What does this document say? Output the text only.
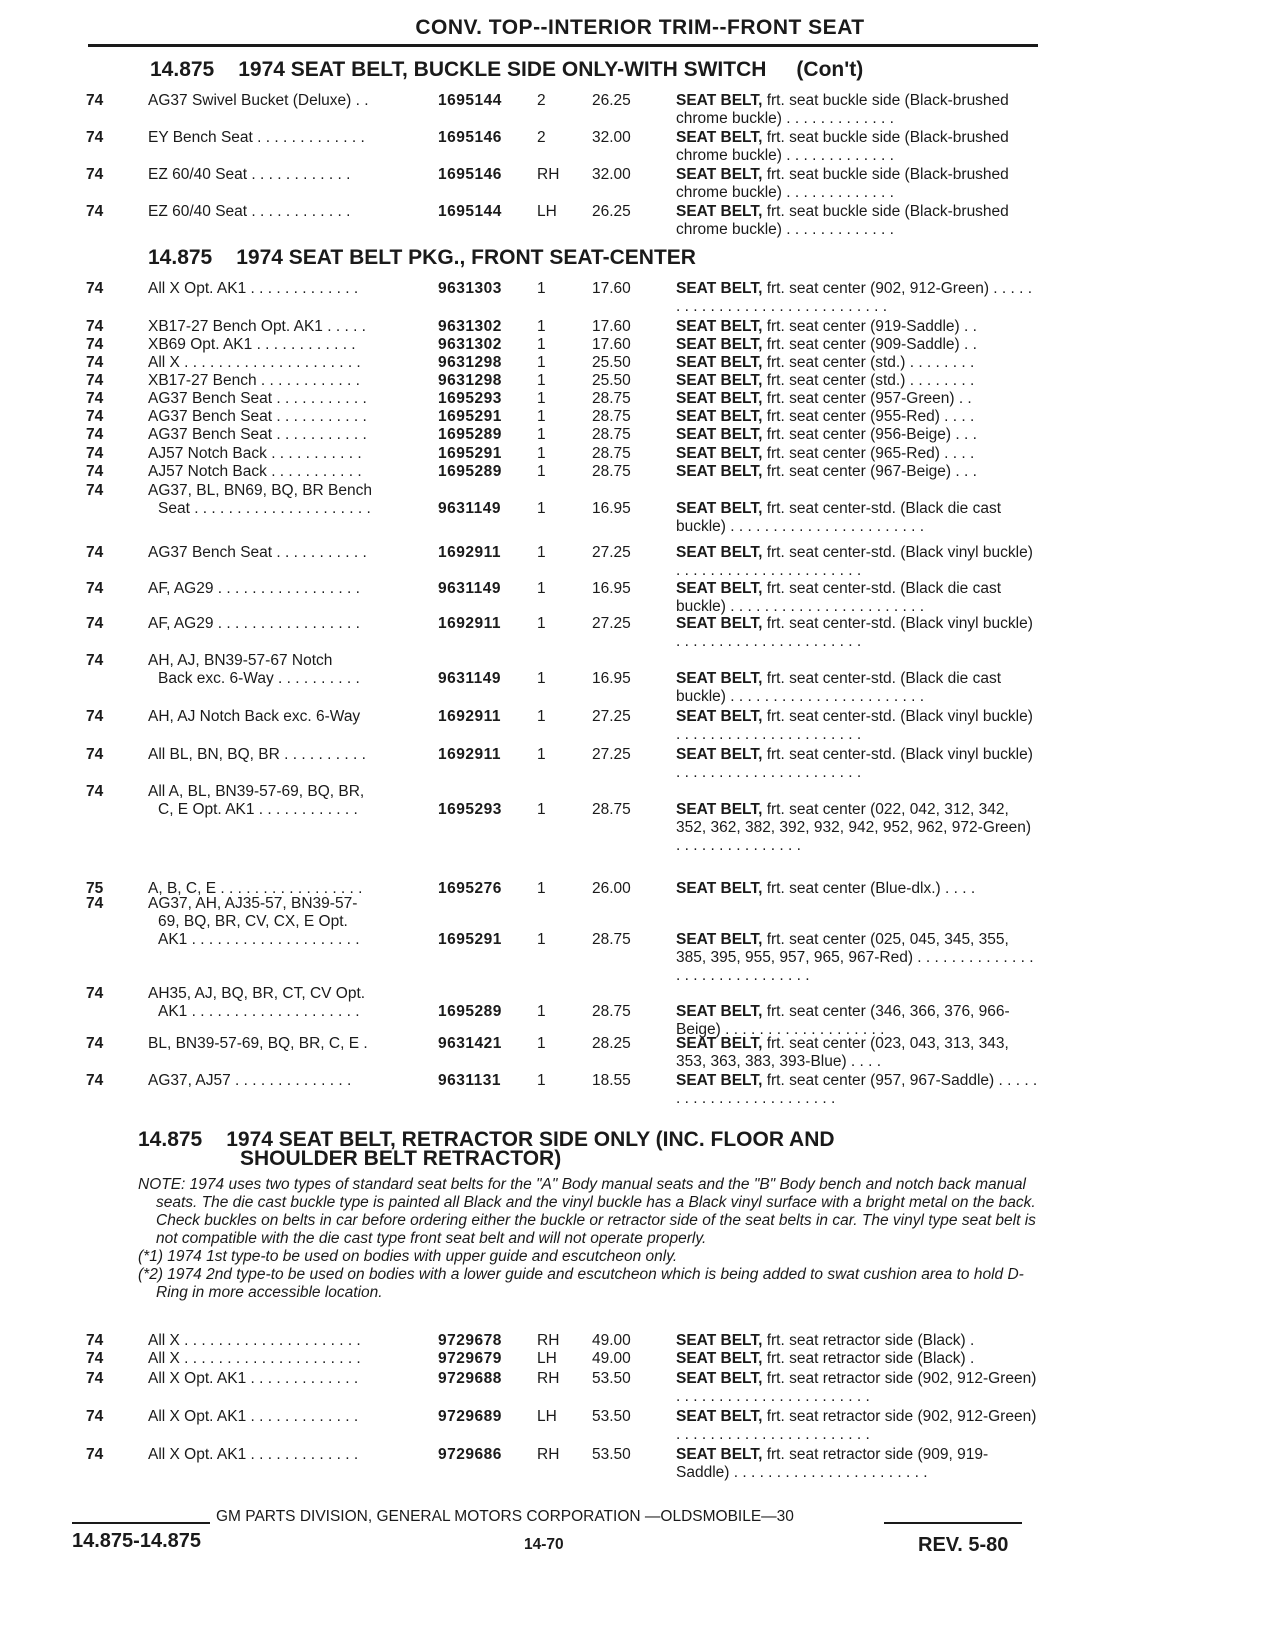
CONV. TOP--INTERIOR TRIM--FRONT SEAT
14.875 1974 SEAT BELT, BUCKLE SIDE ONLY-WITH SWITCH (Con't)
74	AG37 Swivel Bucket (Deluxe) . .	1695144 2	26.25	SEAT BELT, frt. seat buckle side (Black-brushed chrome buckle) . . . . . . . . . . . . .
74	EY Bench Seat . . . . . . . . . . . . .	1695146 2	32.00	SEAT BELT, frt. seat buckle side (Black-brushed chrome buckle) . . . . . . . . . . . . .
74	EZ 60/40 Seat . . . . . . . . . . . .	1695146 RH 32.00	SEAT BELT, frt. seat buckle side (Black-brushed chrome buckle) . . . . . . . . . . . . .
74	EZ 60/40 Seat . . . . . . . . . . . .	1695144 LH 26.25	SEAT BELT, frt. seat buckle side (Black-brushed chrome buckle) . . . . . . . . . . . . .
14.875 1974 SEAT BELT PKG., FRONT SEAT-CENTER
74	All X Opt. AK1 . . . . . . . . . . . . .	9631303 1	17.60	SEAT BELT, frt. seat center (902, 912-Green) . . . . . . . . . . . . . . . . . . . . . . . . . . . . . .
74	XB17-27 Bench Opt. AK1 . . . . .	9631302 1	17.60	SEAT BELT, frt. seat center (919-Saddle) . .
74	XB69 Opt. AK1 . . . . . . . . . . . .	9631302 1	17.60	SEAT BELT, frt. seat center (909-Saddle) . .
74	All X . . . . . . . . . . . . . . . . . . . . .	9631298 1	25.50	SEAT BELT, frt. seat center (std.) . . . . . . . .
74	XB17-27 Bench . . . . . . . . . . . .	9631298 1	25.50	SEAT BELT, frt. seat center (std.) . . . . . . . .
74	AG37 Bench Seat . . . . . . . . . . .	1695293 1	28.75	SEAT BELT, frt. seat center (957-Green) . .
74	AG37 Bench Seat . . . . . . . . . . .	1695291 1	28.75	SEAT BELT, frt. seat center (955-Red) . . . .
74	AG37 Bench Seat . . . . . . . . . . .	1695289 1	28.75	SEAT BELT, frt. seat center (956-Beige) . . .
74	AJ57 Notch Back . . . . . . . . . . .	1695291 1	28.75	SEAT BELT, frt. seat center (965-Red) . . . .
74	AJ57 Notch Back . . . . . . . . . . .	1695289 1	28.75	SEAT BELT, frt. seat center (967-Beige) . . .
74	AG37, BL, BN69, BQ, BR Bench
Seat . . . . . . . . . . . . . . . . . . . . .	9631149 1	16.95	SEAT BELT, frt. seat center-std. (Black die cast buckle) . . . . . . . . . . . . . . . . . . . . . . .
74	AG37 Bench Seat . . . . . . . . . . .	1692911 1	27.25	SEAT BELT, frt. seat center-std. (Black vinyl buckle) . . . . . . . . . . . . . . . . . . . . . .
74	AF, AG29 . . . . . . . . . . . . . . . . .	9631149 1	16.95	SEAT BELT, frt. seat center-std. (Black die cast buckle) . . . . . . . . . . . . . . . . . . . . . . .
74	AF, AG29 . . . . . . . . . . . . . . . . .	1692911 1	27.25	SEAT BELT, frt. seat center-std. (Black vinyl buckle) . . . . . . . . . . . . . . . . . . . . . .
74	AH, AJ, BN39-57-67 Notch
Back exc. 6-Way . . . . . . . . . .	9631149 1	16.95	SEAT BELT, frt. seat center-std. (Black die cast buckle) . . . . . . . . . . . . . . . . . . . . . . .
74	AH, AJ Notch Back exc. 6-Way	1692911 1	27.25	SEAT BELT, frt. seat center-std. (Black vinyl buckle) . . . . . . . . . . . . . . . . . . . . . .
74	All BL, BN, BQ, BR . . . . . . . . . .	1692911 1	27.25	SEAT BELT, frt. seat center-std. (Black vinyl buckle) . . . . . . . . . . . . . . . . . . . . . .
74	All A, BL, BN39-57-69, BQ, BR,
C, E Opt. AK1 . . . . . . . . . . . .	1695293 1	28.75	SEAT BELT, frt. seat center (022, 042, 312, 342, 352, 362, 382, 392, 932, 942, 952, 962, 972-Green) . . . . . . . . . . . . . . .
75	A, B, C, E . . . . . . . . . . . . . . . . .	1695276 1	26.00	SEAT BELT, frt. seat center (Blue-dlx.) . . . .
74	AG37, AH, AJ35-57, BN39-57-
69, BQ, BR, CV, CX, E Opt.
AK1 . . . . . . . . . . . . . . . . . . . .	1695291 1	28.75	SEAT BELT, frt. seat center (025, 045, 345, 355, 385, 395, 955, 957, 965, 967-Red) . . . . . . . . . . . . . . . . . . . . . . . . . . . . . .
74	AH35, AJ, BQ, BR, CT, CV Opt.
AK1 . . . . . . . . . . . . . . . . . . . .	1695289 1	28.75	SEAT BELT, frt. seat center (346, 366, 376, 966-Beige) . . . . . . . . . . . . . . . . . . .
74	BL, BN39-57-69, BQ, BR, C, E .	9631421 1	28.25	SEAT BELT, frt. seat center (023, 043, 313, 343, 353, 363, 383, 393-Blue) . . . .
74	AG37, AJ57 . . . . . . . . . . . . . .	9631131 1	18.55	SEAT BELT, frt. seat center (957, 967-Saddle) . . . . . . . . . . . . . . . . . . . . . . . .
14.875 1974 SEAT BELT, RETRACTOR SIDE ONLY (INC. FLOOR AND
SHOULDER BELT RETRACTOR)
NOTE: 1974 uses two types of standard seat belts for the "A" Body manual seats and the "B" Body bench and notch back manual seats. The die cast buckle type is painted all Black and the vinyl buckle has a Black vinyl surface with a bright metal on the back. Check buckles on belts in car before ordering either the buckle or retractor side of the seat belts in car. The vinyl type seat belt is not compatible with the die cast type front seat belt and will not operate properly.
(*1) 1974 1st type-to be used on bodies with upper guide and escutcheon only.
(*2) 1974 2nd type-to be used on bodies with a lower guide and escutcheon which is being added to swat cushion area to hold D-Ring in more accessible location.
74	All X . . . . . . . . . . . . . . . . . . . . .	9729678 RH 49.00	SEAT BELT, frt. seat retractor side (Black) .
74	All X . . . . . . . . . . . . . . . . . . . . .	9729679 LH 49.00	SEAT BELT, frt. seat retractor side (Black) .
74	All X Opt. AK1 . . . . . . . . . . . . .	9729688 RH 53.50	SEAT BELT, frt. seat retractor side (902, 912-Green) . . . . . . . . . . . . . . . . . . . . . . .
74	All X Opt. AK1 . . . . . . . . . . . . .	9729689 LH 53.50	SEAT BELT, frt. seat retractor side (902, 912-Green) . . . . . . . . . . . . . . . . . . . . . . .
74	All X Opt. AK1 . . . . . . . . . . . . .	9729686 RH 53.50	SEAT BELT, frt. seat retractor side (909, 919-Saddle) . . . . . . . . . . . . . . . . . . . . . . .
GM PARTS DIVISION, GENERAL MOTORS CORPORATION —OLDSMOBILE—30
14.875-14.875	14-70	REV. 5-80
